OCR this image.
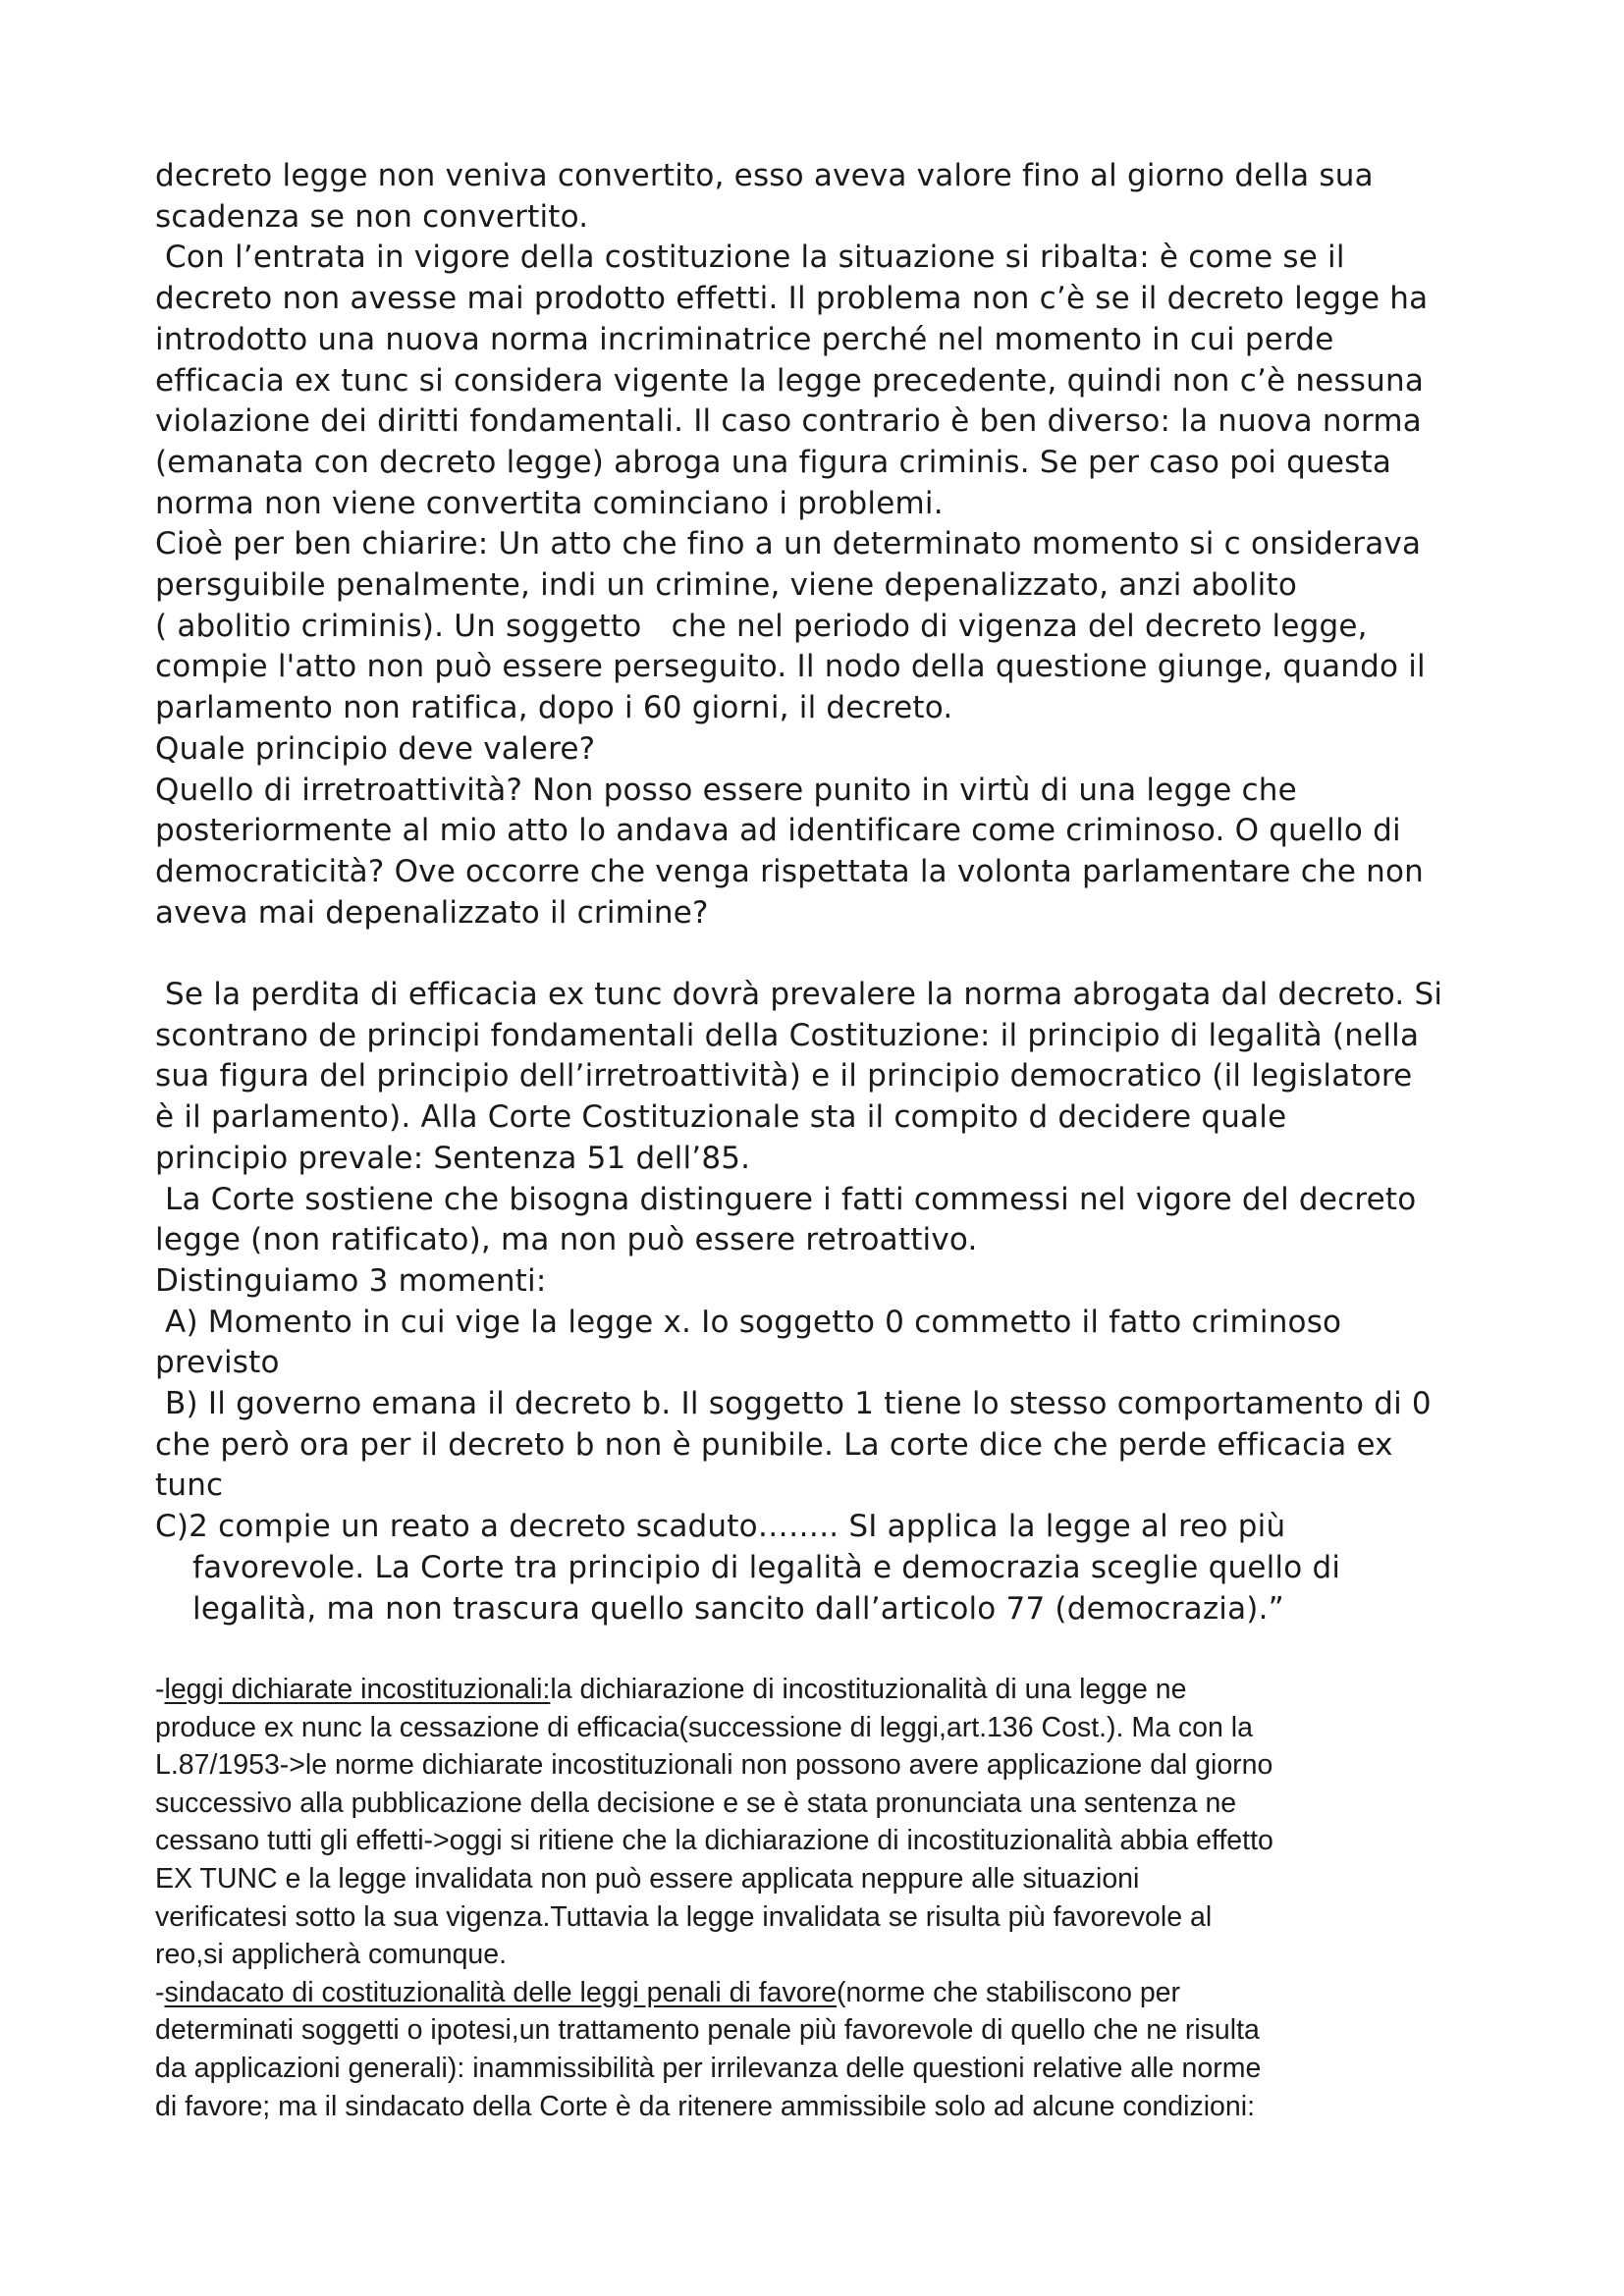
decreto legge non veniva convertito, esso aveva valore fino al giorno della sua
scadenza se non convertito.
Con l’entrata in vigore della costituzione la situazione si ribalta: è come se il
decreto non avesse mai prodotto effetti. Il problema non c’è se il decreto legge ha
introdotto una nuova norma incriminatrice perché nel momento in cui perde
efficacia ex tunc si considera vigente la legge precedente, quindi non c’è nessuna
violazione dei diritti fondamentali. Il caso contrario è ben diverso: la nuova norma
(emanata con decreto legge) abroga una figura criminis. Se per caso poi questa
norma non viene convertita cominciano i problemi.
Cioè per ben chiarire: Un atto che fino a un determinato momento si c onsiderava
persguibile penalmente, indi un crimine, viene depenalizzato, anzi abolito
( abolitio criminis). Un soggetto   che nel periodo di vigenza del decreto legge,
compie l'atto non può essere perseguito. Il nodo della questione giunge, quando il
parlamento non ratifica, dopo i 60 giorni, il decreto.
Quale principio deve valere?
Quello di irretroattività? Non posso essere punito in virtù di una legge che
posteriormente al mio atto lo andava ad identificare come criminoso. O quello di
democraticità? Ove occorre che venga rispettata la volonta parlamentare che non
aveva mai depenalizzato il crimine?
Se la perdita di efficacia ex tunc dovrà prevalere la norma abrogata dal decreto. Si
scontrano de principi fondamentali della Costituzione: il principio di legalità (nella
sua figura del principio dell’irretroattività) e il principio democratico (il legislatore
è il parlamento). Alla Corte Costituzionale sta il compito d decidere quale
principio prevale: Sentenza 51 dell’85.
La Corte sostiene che bisogna distinguere i fatti commessi nel vigore del decreto
legge (non ratificato), ma non può essere retroattivo.
Distinguiamo 3 momenti:
A) Momento in cui vige la legge x. Io soggetto 0 commetto il fatto criminoso
previsto
B) Il governo emana il decreto b. Il soggetto 1 tiene lo stesso comportamento di 0
che però ora per il decreto b non è punibile. La corte dice che perde efficacia ex
tunc
C)2 compie un reato a decreto scaduto…….. SI applica la legge al reo più
favorevole. La Corte tra principio di legalità e democrazia sceglie quello di
legalità, ma non trascura quello sancito dall’articolo 77 (democrazia).”
-leggi dichiarate incostituzionali:la dichiarazione di incostituzionalità di una legge ne
produce ex nunc la cessazione di efficacia(successione di leggi,art.136 Cost.). Ma con la
L.87/1953->le norme dichiarate incostituzionali non possono avere applicazione dal giorno
successivo alla pubblicazione della decisione e se è stata pronunciata una sentenza ne
cessano tutti gli effetti->oggi si ritiene che la dichiarazione di incostituzionalità abbia effetto
EX TUNC e la legge invalidata non può essere applicata neppure alle situazioni
verificatesi sotto la sua vigenza.Tuttavia la legge invalidata se risulta più favorevole al
reo,si applicherà comunque.
-sindacato di costituzionalità delle leggi penali di favore(norme che stabiliscono per
determinati soggetti o ipotesi,un trattamento penale più favorevole di quello che ne risulta
da applicazioni generali): inammissibilità per irrilevanza delle questioni relative alle norme
di favore; ma il sindacato della Corte è da ritenere ammissibile solo ad alcune condizioni:
